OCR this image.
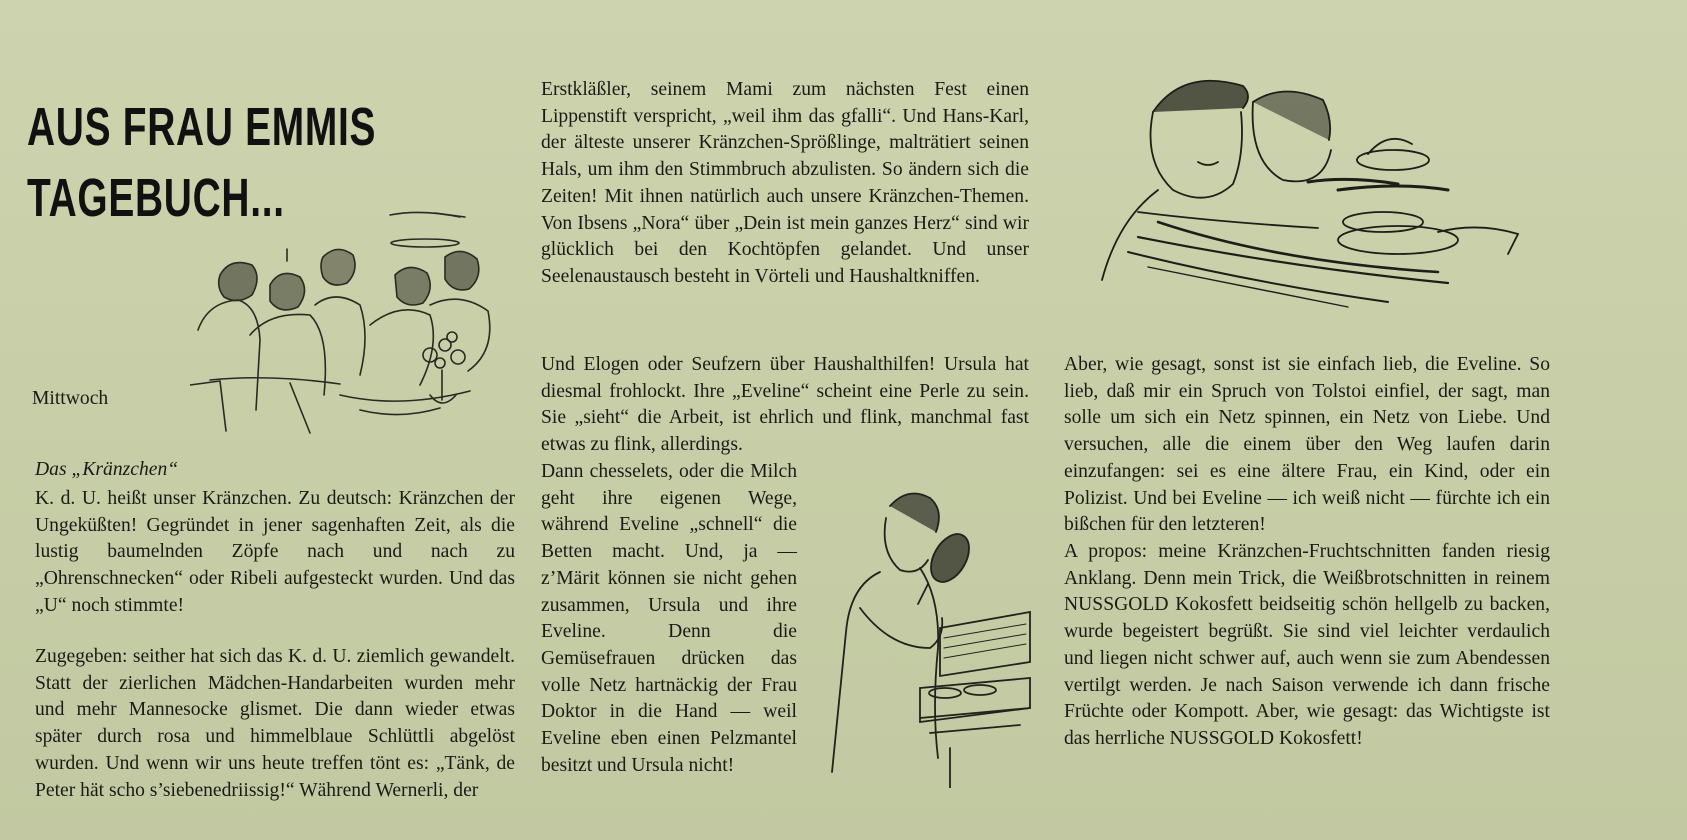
AUS FRAU EMMIS
TAGEBUCH...
Mittwoch
Das „Kränzchen“

K. d. U. heißt unser Kränzchen. Zu deutsch: Kränzchen der Ungeküßten! Gegründet in jener sagenhaften Zeit, als die lustig baumelnden Zöpfe nach und nach zu „Ohrenschnecken“ oder Ribeli aufgesteckt wurden. Und das „U“ noch stimmte!

Zugegeben: seither hat sich das K. d. U. ziemlich gewandelt. Statt der zierlichen Mädchen-Handarbeiten wurden mehr und mehr Mannesocke glismet. Die dann wieder etwas später durch rosa und himmelblaue Schlüttli abgelöst wurden. Und wenn wir uns heute treffen tönt es: „Tänk, de Peter hät scho s’siebenedriissig!“ Während Wernerli, der

Erstkläßler, seinem Mami zum nächsten Fest einen Lippenstift verspricht, „weil ihm das gfalli“. Und Hans-Karl, der älteste unserer Kränzchen-Sprößlinge, malträtiert seinen Hals, um ihm den Stimmbruch abzulisten. So ändern sich die Zeiten! Mit ihnen natürlich auch unsere Kränzchen-Themen. Von Ibsens „Nora“ über „Dein ist mein ganzes Herz“ sind wir glücklich bei den Kochtöpfen gelandet. Und unser Seelenaustausch besteht in Vörteli und Haushaltkniffen.

Und Elogen oder Seufzern über Haushalthilfen! Ursula hat diesmal frohlockt. Ihre „Eveline“ scheint eine Perle zu sein. Sie „sieht“ die Arbeit, ist ehrlich und flink, manchmal fast etwas zu flink, allerdings.

Dann chesselets, oder die Milch geht ihre eigenen Wege, während Eveline „schnell“ die Betten macht. Und, ja — z’Märit können sie nicht gehen zusammen, Ursula und ihre Eveline. Denn die Gemüsefrauen drücken das volle Netz hartnäckig der Frau Doktor in die Hand — weil Eveline eben einen Pelzmantel besitzt und Ursula nicht!

Aber, wie gesagt, sonst ist sie einfach lieb, die Eveline. So lieb, daß mir ein Spruch von Tolstoi einfiel, der sagt, man solle um sich ein Netz spinnen, ein Netz von Liebe. Und versuchen, alle die einem über den Weg laufen darin einzufangen: sei es eine ältere Frau, ein Kind, oder ein Polizist. Und bei Eveline — ich weiß nicht — fürchte ich ein bißchen für den letzteren!

A propos: meine Kränzchen-Fruchtschnitten fanden riesig Anklang. Denn mein Trick, die Weißbrotschnitten in reinem NUSSGOLD Kokosfett beidseitig schön hellgelb zu backen, wurde begeistert begrüßt. Sie sind viel leichter verdaulich und liegen nicht schwer auf, auch wenn sie zum Abendessen vertilgt werden. Je nach Saison verwende ich dann frische Früchte oder Kompott. Aber, wie gesagt: das Wichtigste ist das herrliche NUSSGOLD Kokosfett!
